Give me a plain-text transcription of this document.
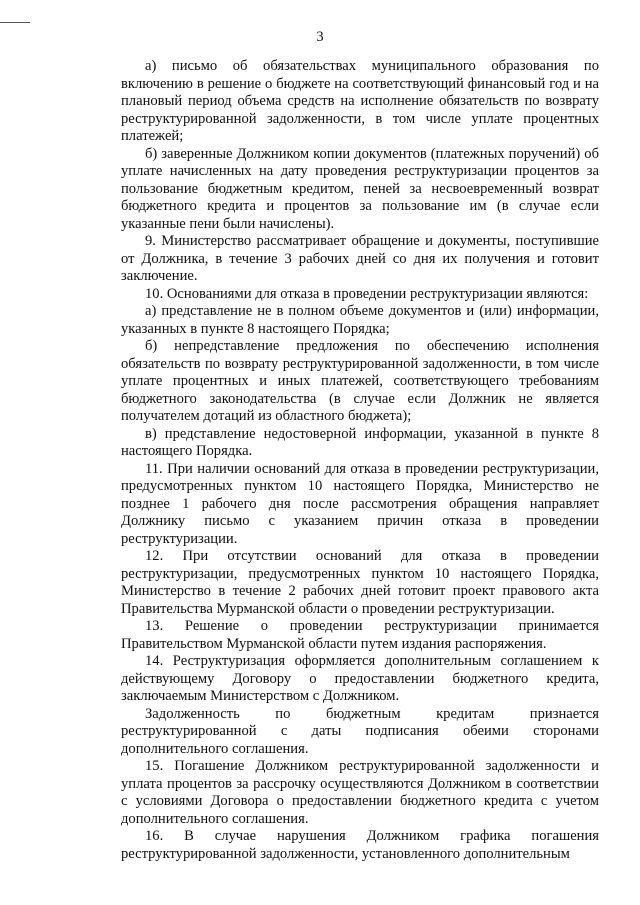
3

а) письмо об обязательствах муниципального образования по включению в решение о бюджете на соответствующий финансовый год и на плановый период объема средств на исполнение обязательств по возврату реструктурированной задолженности, в том числе уплате процентных платежей;

б) заверенные Должником копии документов (платежных поручений) об уплате начисленных на дату проведения реструктуризации процентов за пользование бюджетным кредитом, пеней за несвоевременный возврат бюджетного кредита и процентов за пользование им (в случае если указанные пени были начислены).

9. Министерство рассматривает обращение и документы, поступившие от Должника, в течение 3 рабочих дней со дня их получения и готовит заключение.

10. Основаниями для отказа в проведении реструктуризации являются:

а) представление не в полном объеме документов и (или) информации, указанных в пункте 8 настоящего Порядка;

б) непредставление предложения по обеспечению исполнения обязательств по возврату реструктурированной задолженности, в том числе уплате процентных и иных платежей, соответствующего требованиям бюджетного законодательства (в случае если Должник не является получателем дотаций из областного бюджета);

в) представление недостоверной информации, указанной в пункте 8 настоящего Порядка.

11. При наличии оснований для отказа в проведении реструктуризации, предусмотренных пунктом 10 настоящего Порядка, Министерство не позднее 1 рабочего дня после рассмотрения обращения направляет Должнику письмо с указанием причин отказа в проведении реструктуризации.

12. При отсутствии оснований для отказа в проведении реструктуризации, предусмотренных пунктом 10 настоящего Порядка, Министерство в течение 2 рабочих дней готовит проект правового акта Правительства Мурманской области о проведении реструктуризации.

13. Решение о проведении реструктуризации принимается Правительством Мурманской области путем издания распоряжения.

14. Реструктуризация оформляется дополнительным соглашением к действующему Договору о предоставлении бюджетного кредита, заключаемым Министерством с Должником.

Задолженность по бюджетным кредитам признается реструктурированной с даты подписания обеими сторонами дополнительного соглашения.

15. Погашение Должником реструктурированной задолженности и уплата процентов за рассрочку осуществляются Должником в соответствии с условиями Договора о предоставлении бюджетного кредита с учетом дополнительного соглашения.

16. В случае нарушения Должником графика погашения реструктурированной задолженности, установленного дополнительным
